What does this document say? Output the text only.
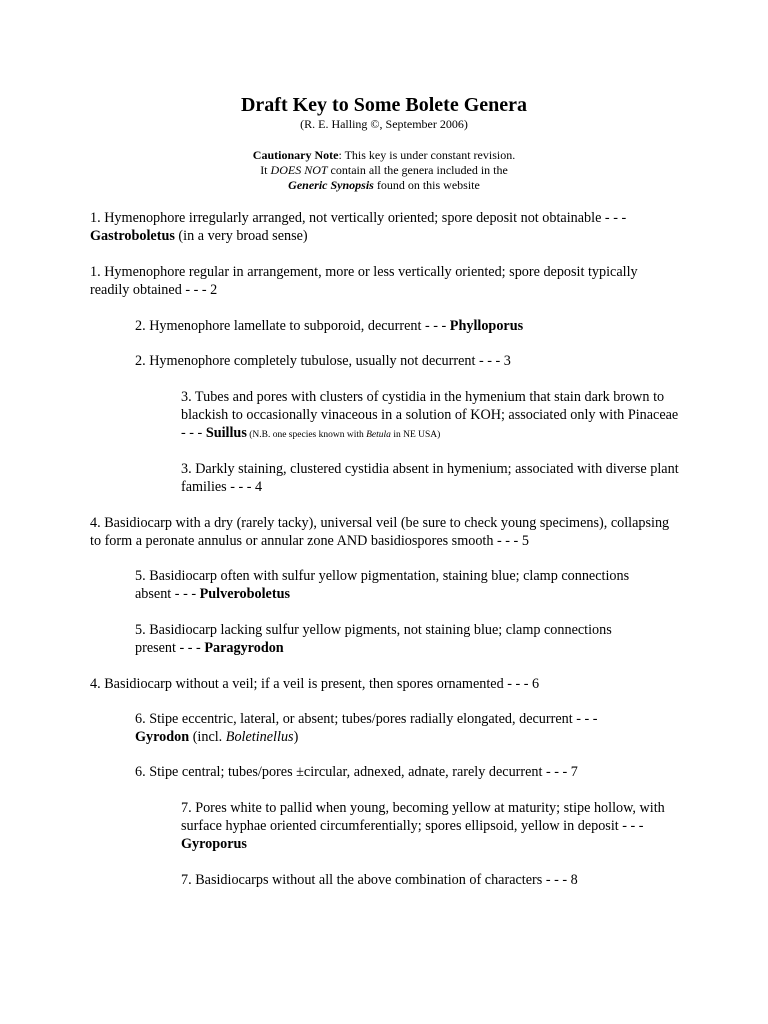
Draft Key to Some Bolete Genera
(R. E. Halling ©, September 2006)
Cautionary Note: This key is under constant revision.
It DOES NOT contain all the genera included in the
Generic Synopsis found on this website
1. Hymenophore irregularly arranged, not vertically oriented; spore deposit not obtainable - - -
Gastroboletus (in a very broad sense)
1. Hymenophore regular in arrangement, more or less vertically oriented; spore deposit typically readily obtained - - - 2
2. Hymenophore lamellate to subporoid, decurrent - - - Phylloporus
2. Hymenophore completely tubulose, usually not decurrent - - - 3
3. Tubes and pores with clusters of cystidia in the hymenium that stain dark brown to blackish to occasionally vinaceous in a solution of KOH; associated only with Pinaceae - - - Suillus (N.B. one species known with Betula in NE USA)
3. Darkly staining, clustered cystidia absent in hymenium; associated with diverse plant families - - - 4
4. Basidiocarp with a dry (rarely tacky), universal veil (be sure to check young specimens), collapsing to form a peronate annulus or annular zone AND basidiospores smooth - - - 5
5. Basidiocarp often with sulfur yellow pigmentation, staining blue; clamp connections absent - - - Pulveroboletus
5. Basidiocarp lacking sulfur yellow pigments, not staining blue; clamp connections present - - - Paragyrodon
4. Basidiocarp without a veil; if a veil is present, then spores ornamented - - - 6
6. Stipe eccentric, lateral, or absent; tubes/pores radially elongated, decurrent - - -
Gyrodon (incl. Boletinellus)
6. Stipe central; tubes/pores ±circular, adnexed, adnate, rarely decurrent - - - 7
7. Pores white to pallid when young, becoming yellow at maturity; stipe hollow, with surface hyphae oriented circumferentially; spores ellipsoid, yellow in deposit - - - Gyroporus
7. Basidiocarps without all the above combination of characters - - - 8
